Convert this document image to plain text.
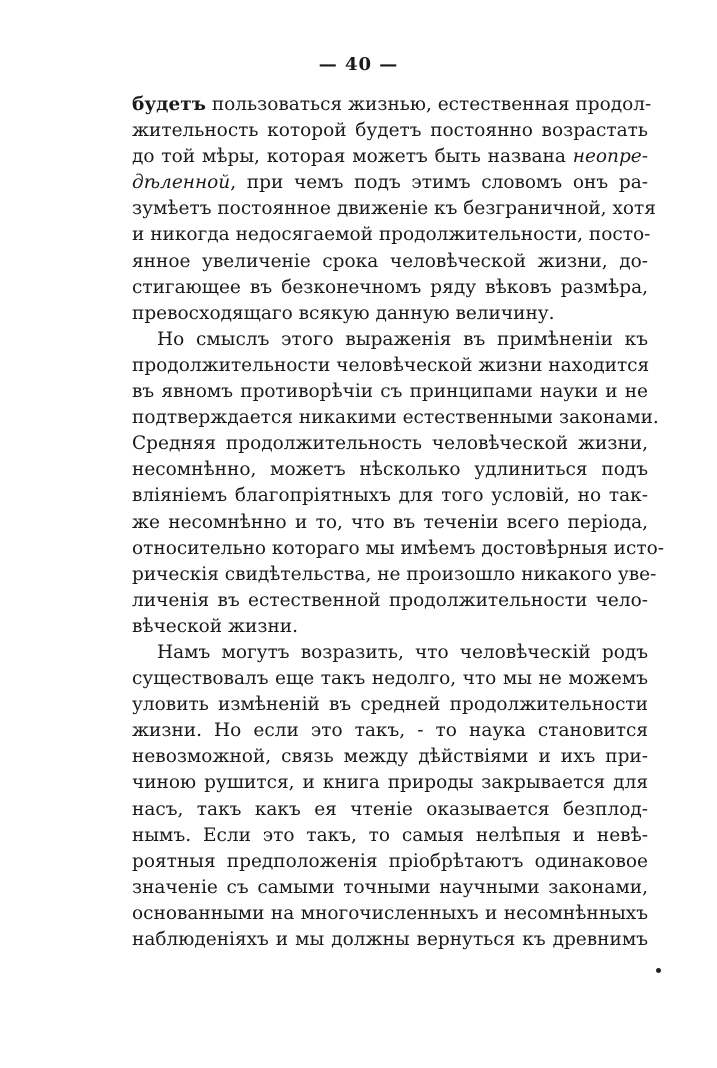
— 40 —
будетъ пользоваться жизнью, естественная продол-
жительность которой будетъ постоянно возрастать
до той мѣры, которая можетъ быть названа неопре-
дѣленной, при чемъ подъ этимъ словомъ онъ ра-
зумѣетъ постоянное движенiе къ безграничной, хотя
и никогда недосягаемой продолжительности, посто-
янное увеличенiе срока человѣческой жизни, до-
стигающее въ безконечномъ ряду вѣковъ размѣра,
превосходящаго всякую данную величину.
Но смыслъ этого выраженiя въ примѣненiи къ
продолжительности человѣческой жизни находится
въ явномъ противорѣчiи съ принципами науки и не
подтверждается никакими естественными законами.
Средняя продолжительность человѣческой жизни,
несомнѣнно, можетъ нѣсколько удлиниться подъ
влiянiемъ благопрiятныхъ для того условiй, но так-
же несомнѣнно и то, что въ теченiи всего перiода,
относительно котораго мы имѣемъ достовѣрныя исто-
рическiя свидѣтельства, не произошло никакого уве-
личенiя въ естественной продолжительности чело-
вѣческой жизни.
Намъ могутъ возразить, что человѣческiй родъ
существовалъ еще такъ недолго, что мы не можемъ
уловить измѣненiй въ средней продолжительности
жизни. Но если это такъ, - то наука становится
невозможной, связь между дѣйствiями и ихъ при-
чиною рушится, и книга природы закрывается для
насъ, такъ какъ ея чтенiе оказывается безплод-
нымъ. Если это такъ, то самыя нелѣпыя и невѣ-
роятныя предположенiя прiобрѣтаютъ одинаковое
значенiе съ самыми точными научными законами,
основанными на многочисленныхъ и несомнѣнныхъ
наблюденiяхъ и мы должны вернуться къ древнимъ
